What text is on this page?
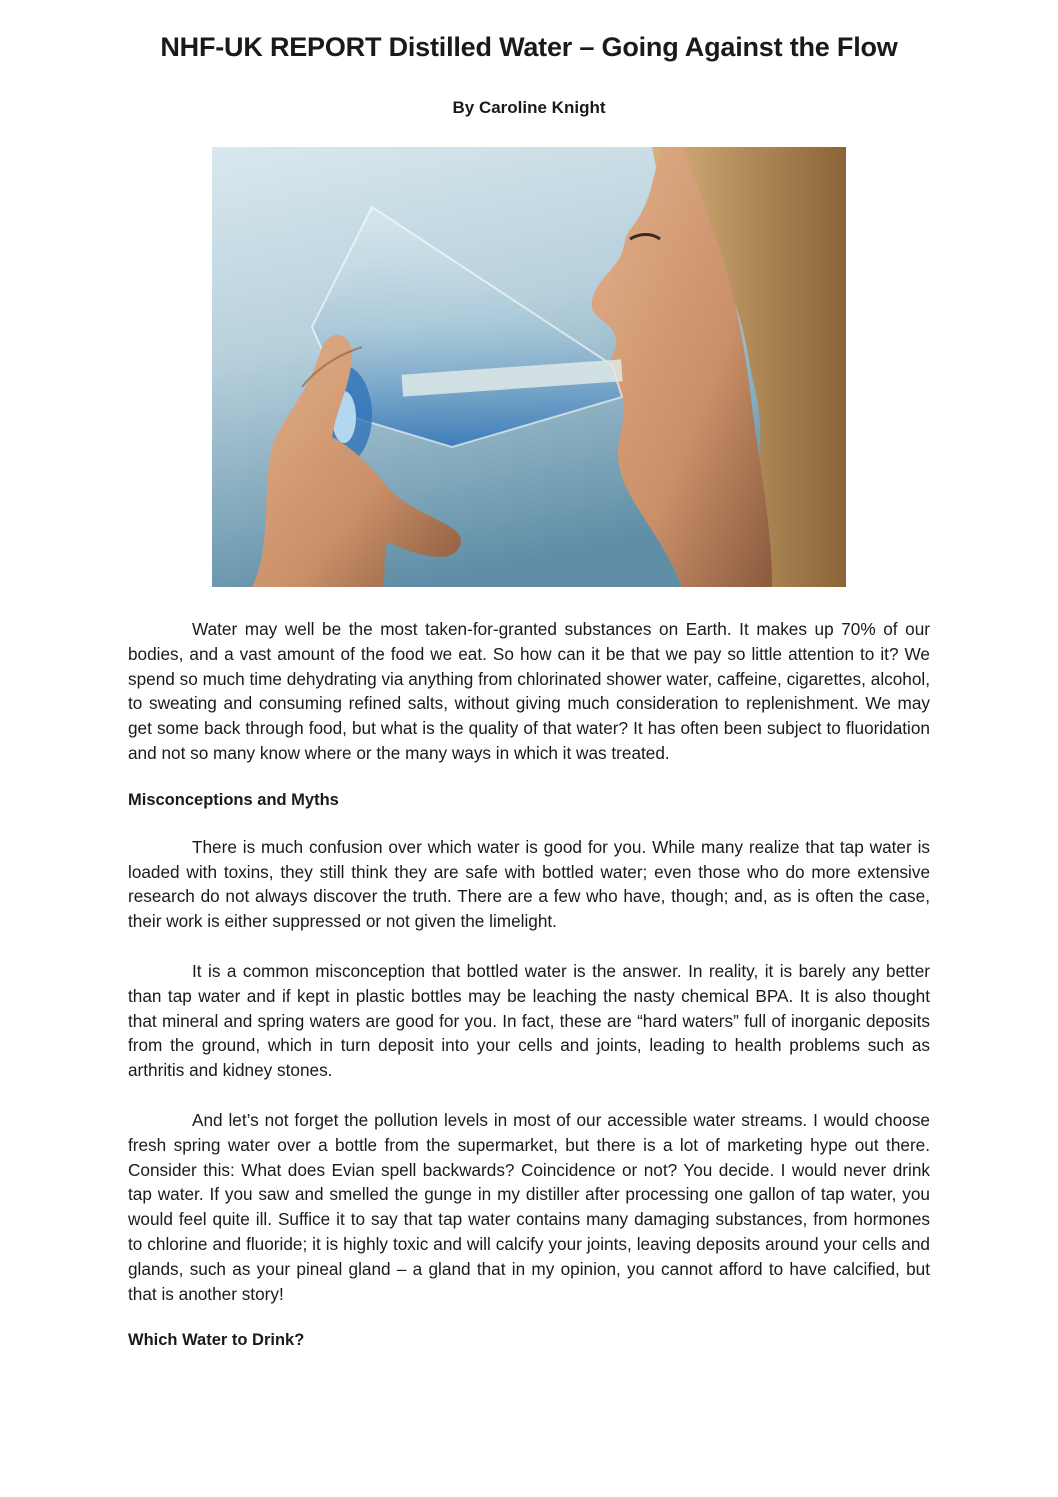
NHF-UK REPORT Distilled Water – Going Against the Flow

By Caroline Knight

Water may well be the most taken-for-granted substances on Earth. It makes up 70% of our bodies, and a vast amount of the food we eat. So how can it be that we pay so little attention to it? We spend so much time dehydrating via anything from chlorinated shower water, caffeine, cigarettes, alcohol, to sweating and consuming refined salts, without giving much consideration to replenishment. We may get some back through food, but what is the quality of that water? It has often been subject to fluoridation and not so many know where or the many ways in which it was treated.

Misconceptions and Myths

There is much confusion over which water is good for you. While many realize that tap water is loaded with toxins, they still think they are safe with bottled water; even those who do more extensive research do not always discover the truth. There are a few who have, though; and, as is often the case, their work is either suppressed or not given the limelight.

It is a common misconception that bottled water is the answer. In reality, it is barely any better than tap water and if kept in plastic bottles may be leaching the nasty chemical BPA. It is also thought that mineral and spring waters are good for you. In fact, these are “hard waters” full of inorganic deposits from the ground, which in turn deposit into your cells and joints, leading to health problems such as arthritis and kidney stones.

And let’s not forget the pollution levels in most of our accessible water streams. I would choose fresh spring water over a bottle from the supermarket, but there is a lot of marketing hype out there. Consider this: What does Evian spell backwards? Coincidence or not? You decide. I would never drink tap water. If you saw and smelled the gunge in my distiller after processing one gallon of tap water, you would feel quite ill. Suffice it to say that tap water contains many damaging substances, from hormones to chlorine and fluoride; it is highly toxic and will calcify your joints, leaving deposits around your cells and glands, such as your pineal gland – a gland that in my opinion, you cannot afford to have calcified, but that is another story!

Which Water to Drink?
